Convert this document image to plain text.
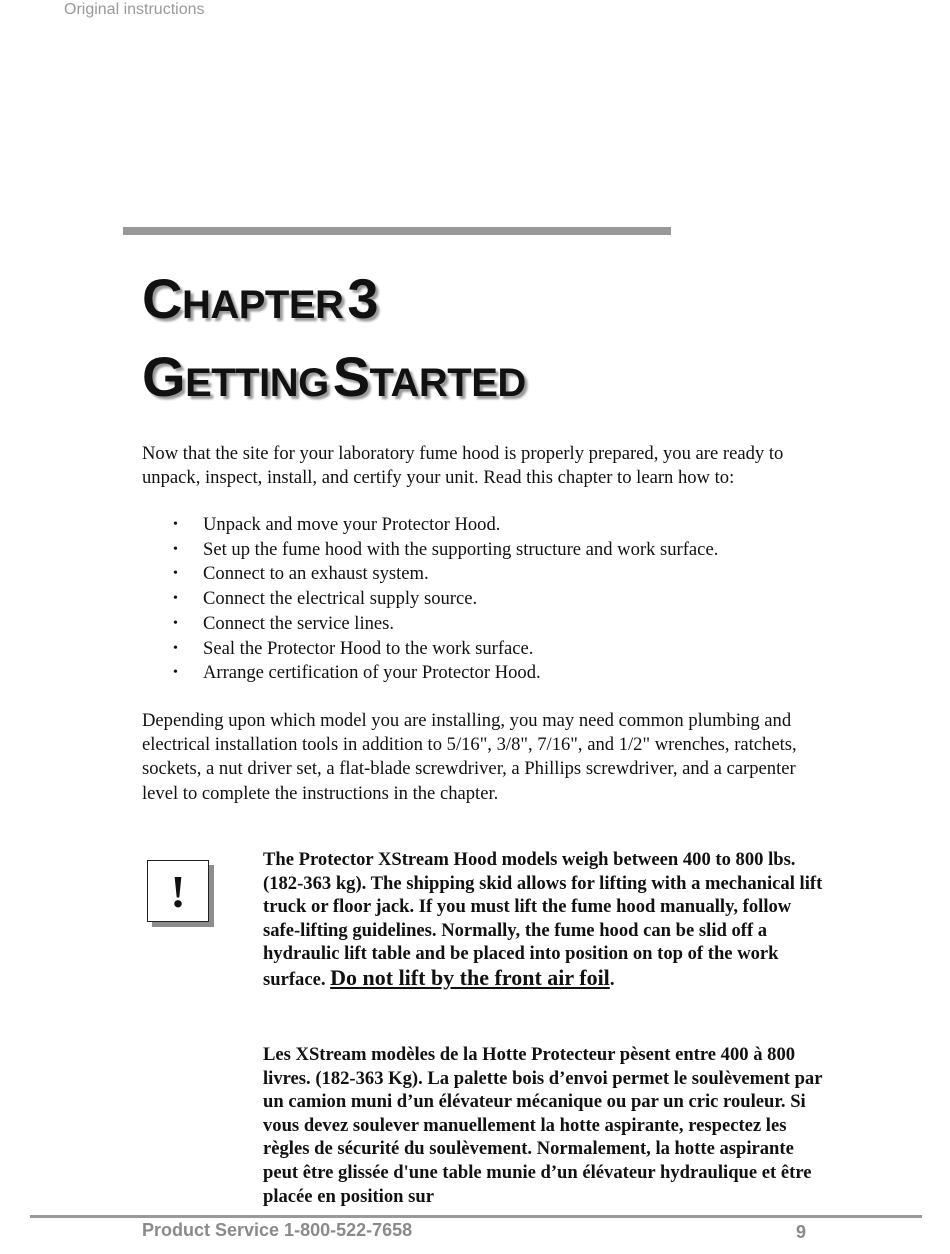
Original instructions
CHAPTER 3
GETTING STARTED

Now that the site for your laboratory fume hood is properly prepared, you are ready to unpack, inspect, install, and certify your unit. Read this chapter to learn how to:

• Unpack and move your Protector Hood.
• Set up the fume hood with the supporting structure and work surface.
• Connect to an exhaust system.
• Connect the electrical supply source.
• Connect the service lines.
• Seal the Protector Hood to the work surface.
• Arrange certification of your Protector Hood.

Depending upon which model you are installing, you may need common plumbing and electrical installation tools in addition to 5/16", 3/8", 7/16", and 1/2" wrenches, ratchets, sockets, a nut driver set, a flat-blade screwdriver, a Phillips screwdriver, and a carpenter level to complete the instructions in the chapter.

!

The Protector XStream Hood models weigh between 400 to 800 lbs. (182-363 kg). The shipping skid allows for lifting with a mechanical lift truck or floor jack. If you must lift the fume hood manually, follow safe-lifting guidelines. Normally, the fume hood can be slid off a hydraulic lift table and be placed into position on top of the work surface. Do not lift by the front air foil.

Les XStream modèles de la Hotte Protecteur pèsent entre 400 à 800 livres. (182-363 Kg). La palette bois d’envoi permet le soulèvement par un camion muni d’un élévateur mécanique ou par un cric rouleur. Si vous devez soulever manuellement la hotte aspirante, respectez les règles de sécurité du soulèvement. Normalement, la hotte aspirante peut être glissée d'une table munie d’un élévateur hydraulique et être placée en position sur

Product Service 1-800-522-7658	9
